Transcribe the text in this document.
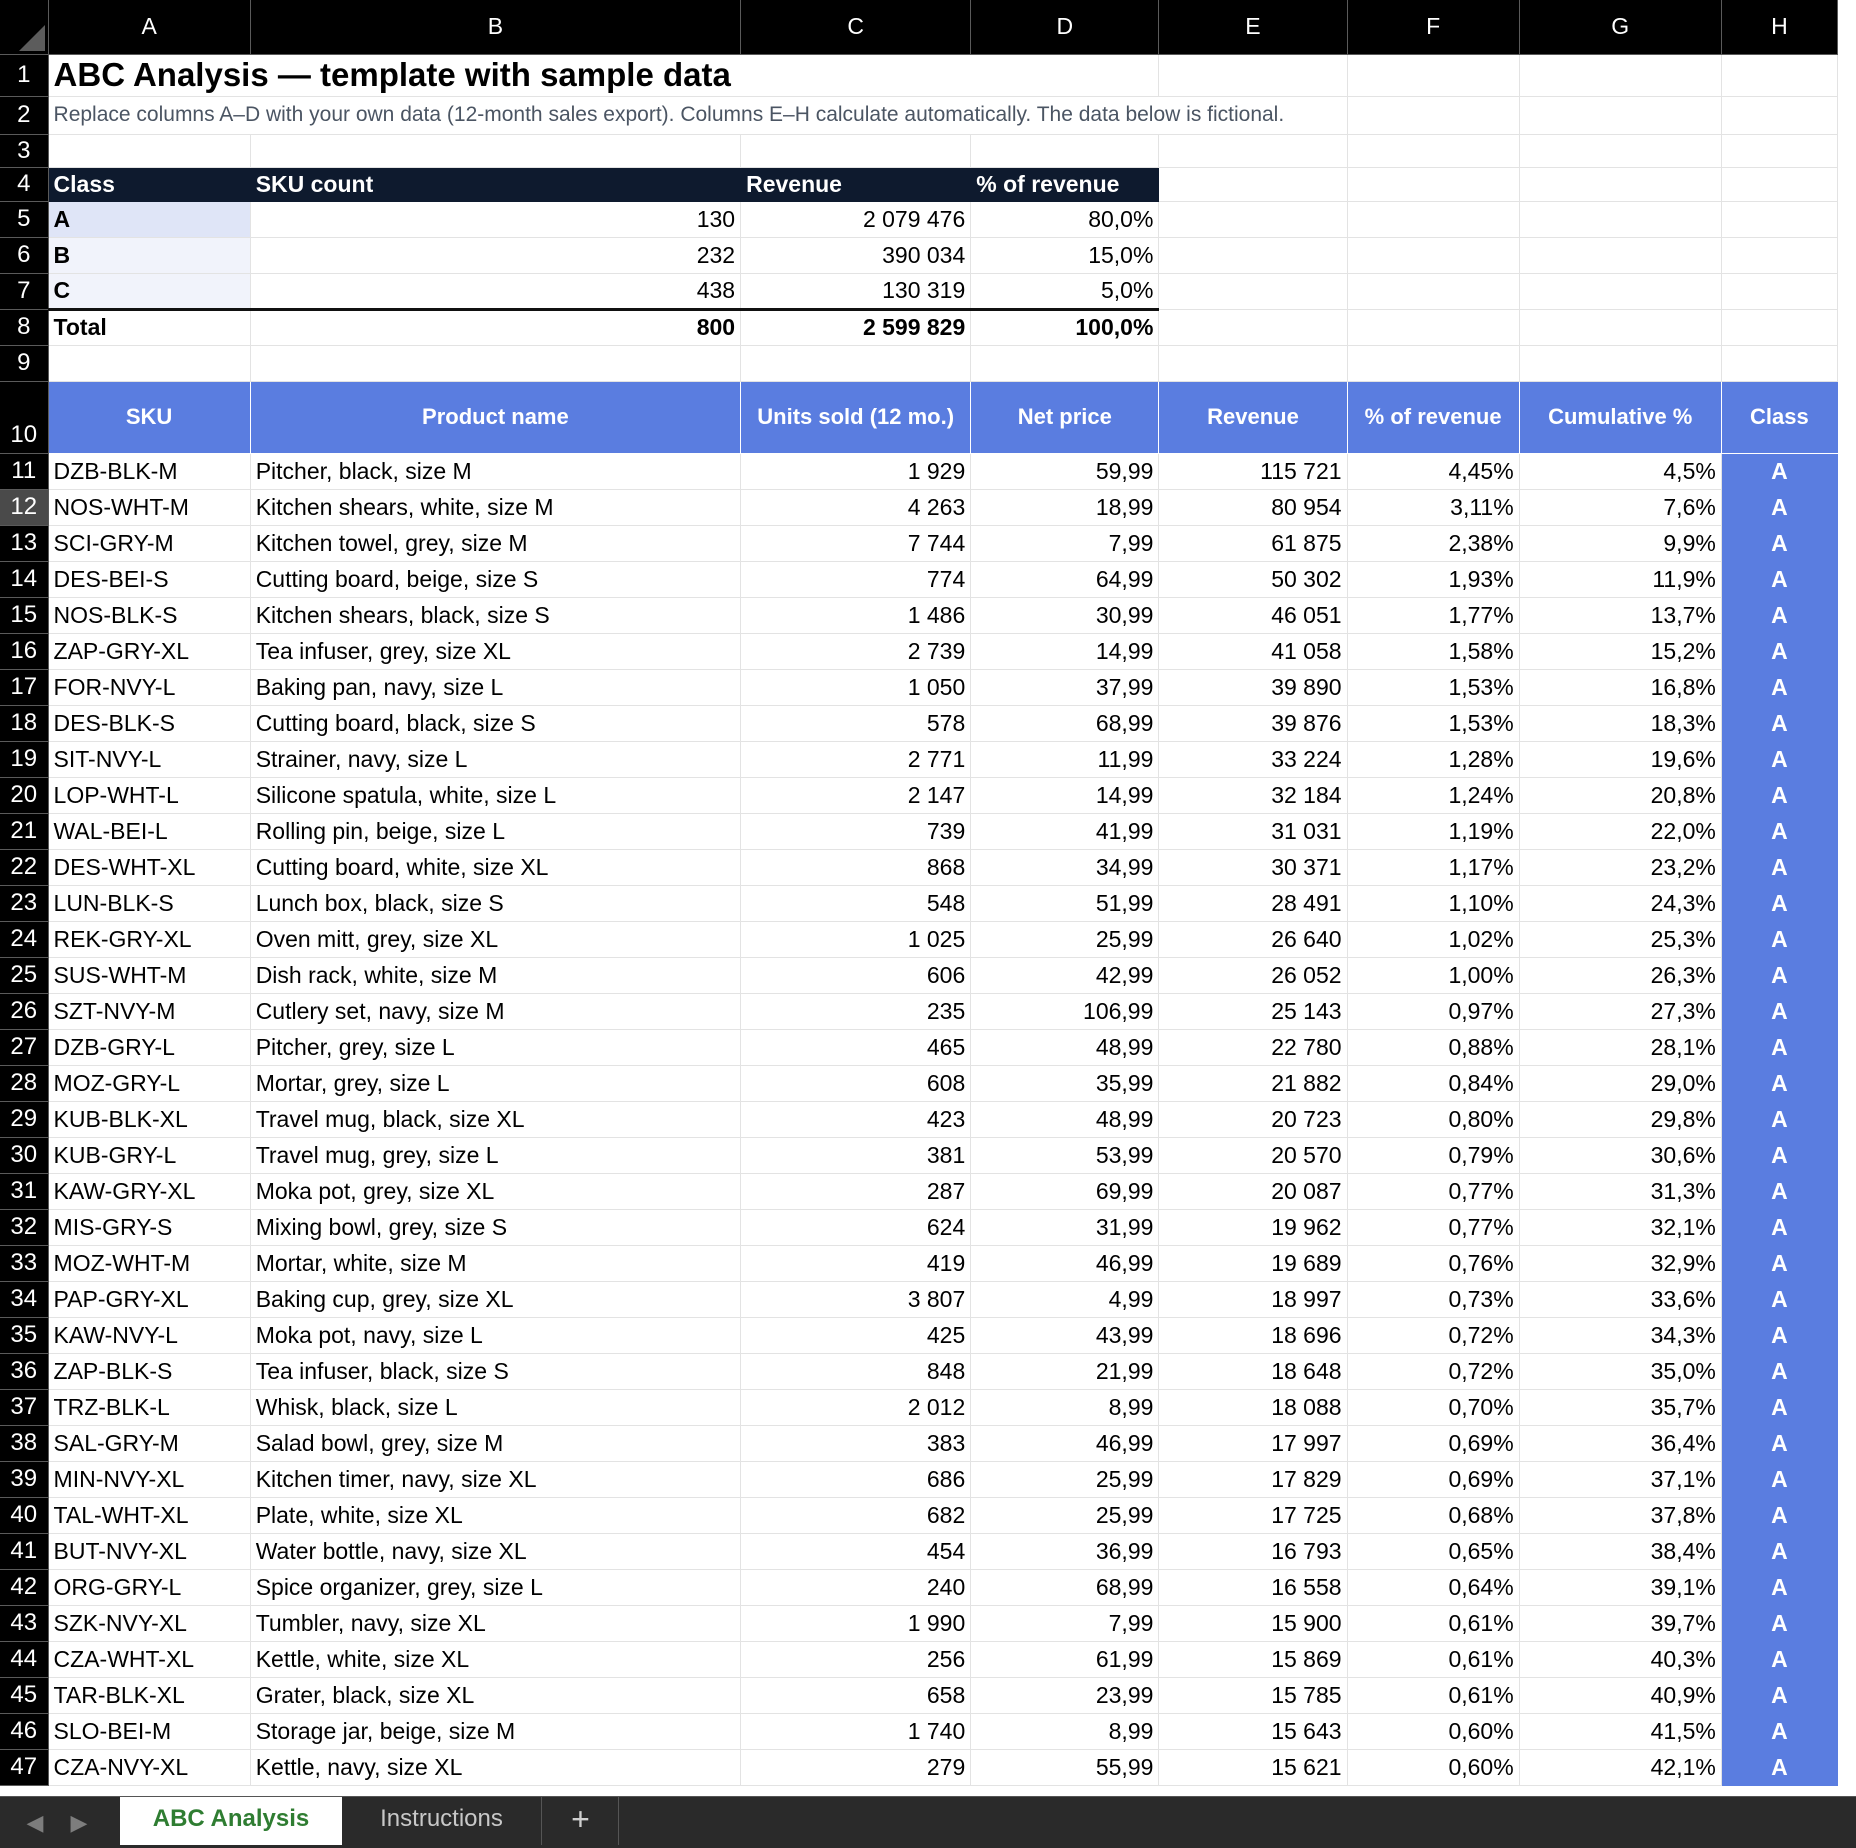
	A	B	C	D	E	F	G	H
1	ABC Analysis — template with sample data							
2	Replace columns A–D with your own data (12-month sales export). Columns E–H calculate automatically. The data below is fictional.							
3								
4	Class	SKU count	Revenue	% of revenue				
5	A	130	2 079 476	80,0%				
6	B	232	390 034	15,0%				
7	C	438	130 319	5,0%				
8	Total	800	2 599 829	100,0%				
9								
10	SKU	Product name	Units sold (12 mo.)	Net price	Revenue	% of revenue	Cumulative %	Class
11	DZB-BLK-M	Pitcher, black, size M	1 929	59,99	115 721	4,45%	4,5%	A
12	NOS-WHT-M	Kitchen shears, white, size M	4 263	18,99	80 954	3,11%	7,6%	A
13	SCI-GRY-M	Kitchen towel, grey, size M	7 744	7,99	61 875	2,38%	9,9%	A
14	DES-BEI-S	Cutting board, beige, size S	774	64,99	50 302	1,93%	11,9%	A
15	NOS-BLK-S	Kitchen shears, black, size S	1 486	30,99	46 051	1,77%	13,7%	A
16	ZAP-GRY-XL	Tea infuser, grey, size XL	2 739	14,99	41 058	1,58%	15,2%	A
17	FOR-NVY-L	Baking pan, navy, size L	1 050	37,99	39 890	1,53%	16,8%	A
18	DES-BLK-S	Cutting board, black, size S	578	68,99	39 876	1,53%	18,3%	A
19	SIT-NVY-L	Strainer, navy, size L	2 771	11,99	33 224	1,28%	19,6%	A
20	LOP-WHT-L	Silicone spatula, white, size L	2 147	14,99	32 184	1,24%	20,8%	A
21	WAL-BEI-L	Rolling pin, beige, size L	739	41,99	31 031	1,19%	22,0%	A
22	DES-WHT-XL	Cutting board, white, size XL	868	34,99	30 371	1,17%	23,2%	A
23	LUN-BLK-S	Lunch box, black, size S	548	51,99	28 491	1,10%	24,3%	A
24	REK-GRY-XL	Oven mitt, grey, size XL	1 025	25,99	26 640	1,02%	25,3%	A
25	SUS-WHT-M	Dish rack, white, size M	606	42,99	26 052	1,00%	26,3%	A
26	SZT-NVY-M	Cutlery set, navy, size M	235	106,99	25 143	0,97%	27,3%	A
27	DZB-GRY-L	Pitcher, grey, size L	465	48,99	22 780	0,88%	28,1%	A
28	MOZ-GRY-L	Mortar, grey, size L	608	35,99	21 882	0,84%	29,0%	A
29	KUB-BLK-XL	Travel mug, black, size XL	423	48,99	20 723	0,80%	29,8%	A
30	KUB-GRY-L	Travel mug, grey, size L	381	53,99	20 570	0,79%	30,6%	A
31	KAW-GRY-XL	Moka pot, grey, size XL	287	69,99	20 087	0,77%	31,3%	A
32	MIS-GRY-S	Mixing bowl, grey, size S	624	31,99	19 962	0,77%	32,1%	A
33	MOZ-WHT-M	Mortar, white, size M	419	46,99	19 689	0,76%	32,9%	A
34	PAP-GRY-XL	Baking cup, grey, size XL	3 807	4,99	18 997	0,73%	33,6%	A
35	KAW-NVY-L	Moka pot, navy, size L	425	43,99	18 696	0,72%	34,3%	A
36	ZAP-BLK-S	Tea infuser, black, size S	848	21,99	18 648	0,72%	35,0%	A
37	TRZ-BLK-L	Whisk, black, size L	2 012	8,99	18 088	0,70%	35,7%	A
38	SAL-GRY-M	Salad bowl, grey, size M	383	46,99	17 997	0,69%	36,4%	A
39	MIN-NVY-XL	Kitchen timer, navy, size XL	686	25,99	17 829	0,69%	37,1%	A
40	TAL-WHT-XL	Plate, white, size XL	682	25,99	17 725	0,68%	37,8%	A
41	BUT-NVY-XL	Water bottle, navy, size XL	454	36,99	16 793	0,65%	38,4%	A
42	ORG-GRY-L	Spice organizer, grey, size L	240	68,99	16 558	0,64%	39,1%	A
43	SZK-NVY-XL	Tumbler, navy, size XL	1 990	7,99	15 900	0,61%	39,7%	A
44	CZA-WHT-XL	Kettle, white, size XL	256	61,99	15 869	0,61%	40,3%	A
45	TAR-BLK-XL	Grater, black, size XL	658	23,99	15 785	0,61%	40,9%	A
46	SLO-BEI-M	Storage jar, beige, size M	1 740	8,99	15 643	0,60%	41,5%	A
47	CZA-NVY-XL	Kettle, navy, size XL	279	55,99	15 621	0,60%	42,1%	A
◀ ▶	ABC Analysis	Instructions	+
